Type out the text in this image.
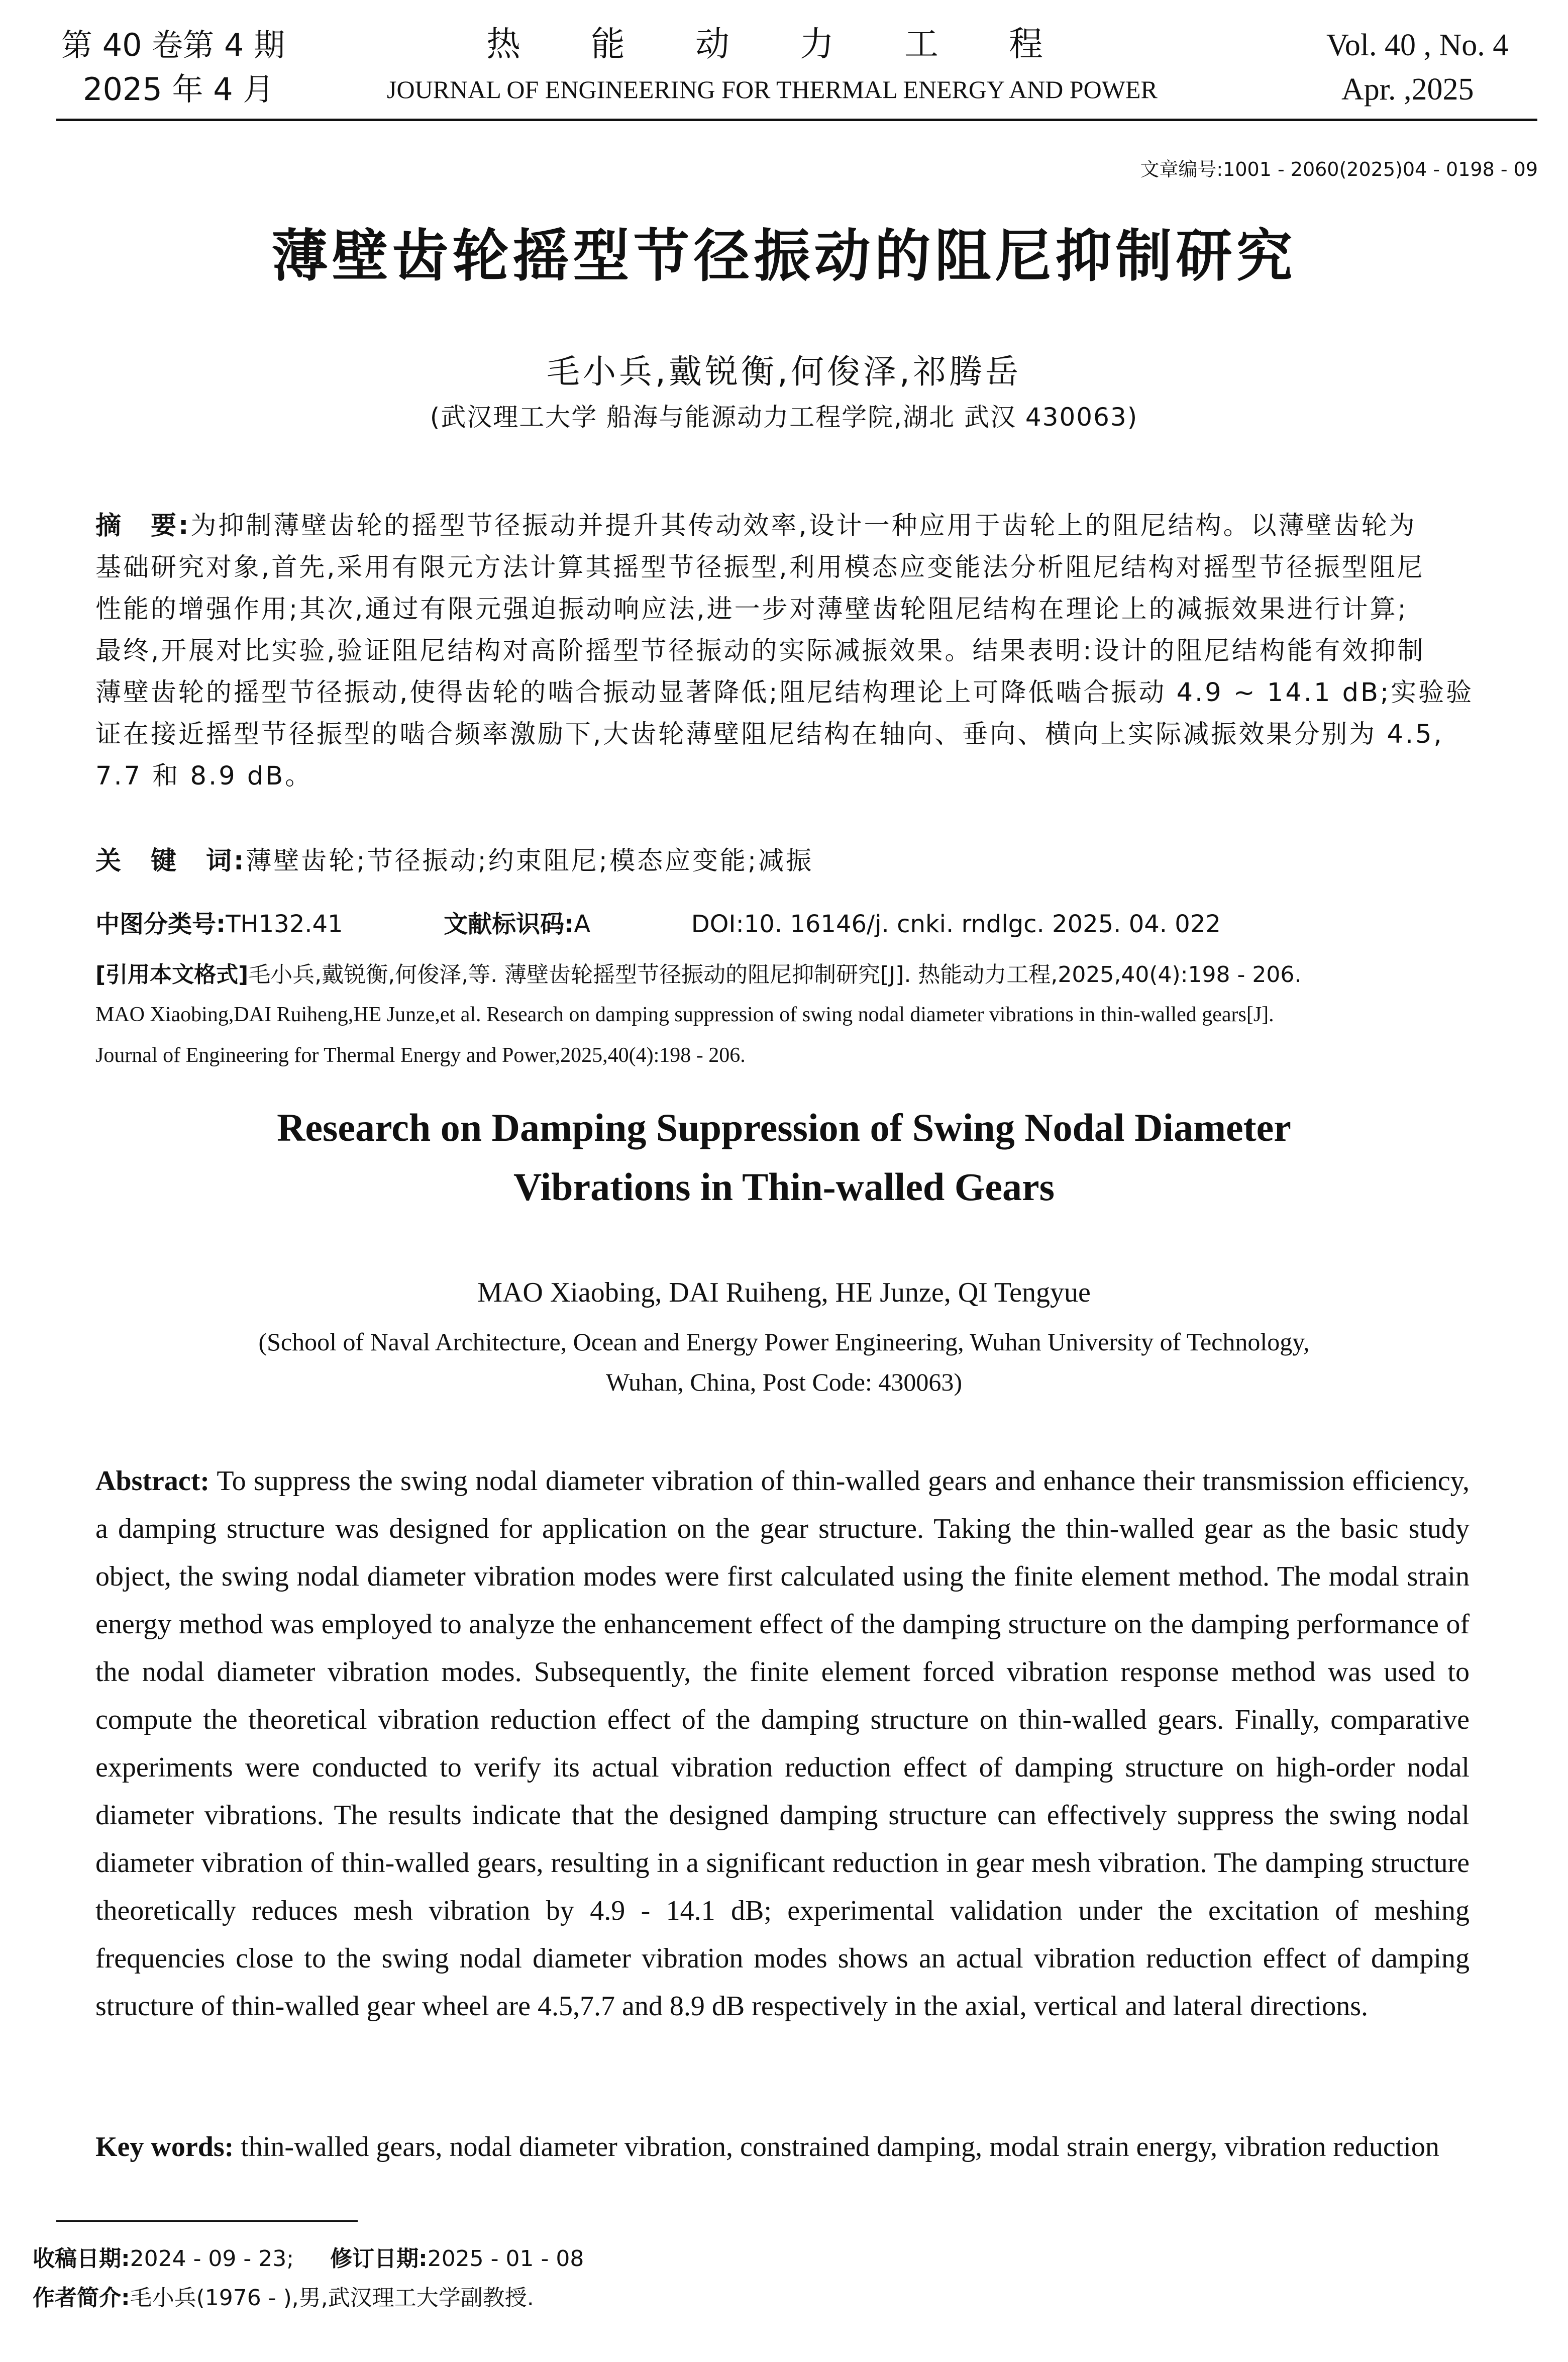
第 40 卷第 4 期
2025 年 4 月
热能动力工程
JOURNAL OF ENGINEERING FOR THERMAL ENERGY AND POWER
Vol. 40 , No. 4
Apr. ,2025
文章编号:1001 - 2060(2025)04 - 0198 - 09
薄壁齿轮摇型节径振动的阻尼抑制研究
毛小兵,戴锐衡,何俊泽,祁腾岳
(武汉理工大学 船海与能源动力工程学院,湖北 武汉 430063)
摘　要:为抑制薄壁齿轮的摇型节径振动并提升其传动效率,设计一种应用于齿轮上的阻尼结构。以薄壁齿轮为
基础研究对象,首先,采用有限元方法计算其摇型节径振型,利用模态应变能法分析阻尼结构对摇型节径振型阻尼
性能的增强作用;其次,通过有限元强迫振动响应法,进一步对薄壁齿轮阻尼结构在理论上的减振效果进行计算;
最终,开展对比实验,验证阻尼结构对高阶摇型节径振动的实际减振效果。结果表明:设计的阻尼结构能有效抑制
薄壁齿轮的摇型节径振动,使得齿轮的啮合振动显著降低;阻尼结构理论上可降低啮合振动 4.9 ~ 14.1 dB;实验验
证在接近摇型节径振型的啮合频率激励下,大齿轮薄壁阻尼结构在轴向、垂向、横向上实际减振效果分别为 4.5,
7.7 和 8.9 dB。
关　键　词:薄壁齿轮;节径振动;约束阻尼;模态应变能;减振
中图分类号:TH132.41	文献标识码:A	DOI:10. 16146/j. cnki. rndlgc. 2025. 04. 022
[引用本文格式]毛小兵,戴锐衡,何俊泽,等. 薄壁齿轮摇型节径振动的阻尼抑制研究[J]. 热能动力工程,2025,40(4):198 - 206.
MAO Xiaobing,DAI Ruiheng,HE Junze,et al. Research on damping suppression of swing nodal diameter vibrations in thin-walled gears[J].
Journal of Engineering for Thermal Energy and Power,2025,40(4):198 - 206.
Research on Damping Suppression of Swing Nodal Diameter
Vibrations in Thin-walled Gears
MAO Xiaobing, DAI Ruiheng, HE Junze, QI Tengyue
(School of Naval Architecture, Ocean and Energy Power Engineering, Wuhan University of Technology,
Wuhan, China, Post Code: 430063)
Abstract: To suppress the swing nodal diameter vibration of thin-walled gears and enhance their transmission efficiency, a damping structure was designed for application on the gear structure. Taking the thin-walled gear as the basic study object, the swing nodal diameter vibration modes were first calculated using the finite element method. The modal strain energy method was employed to analyze the enhancement effect of the damping structure on the damping performance of the nodal diameter vibration modes. Subsequently, the finite element forced vibration response method was used to compute the theoretical vibration reduction effect of the damping structure on thin-walled gears. Finally, comparative experiments were conducted to verify its actual vibration reduction effect of damping structure on high-order nodal diameter vibrations. The results indicate that the designed damping structure can effectively suppress the swing nodal diameter vibration of thin-walled gears, resulting in a significant reduction in gear mesh vibration. The damping structure theoretically reduces mesh vibration by 4.9 - 14.1 dB; experimental validation under the excitation of meshing frequencies close to the swing nodal diameter vibration modes shows an actual vibration reduction effect of damping structure of thin-walled gear wheel are 4.5,7.7 and 8.9 dB respectively in the axial, vertical and lateral directions.
Key words: thin-walled gears, nodal diameter vibration, constrained damping, modal strain energy, vibration reduction
收稿日期:2024 - 09 - 23; 修订日期:2025 - 01 - 08
作者简介:毛小兵(1976 - ),男,武汉理工大学副教授.
